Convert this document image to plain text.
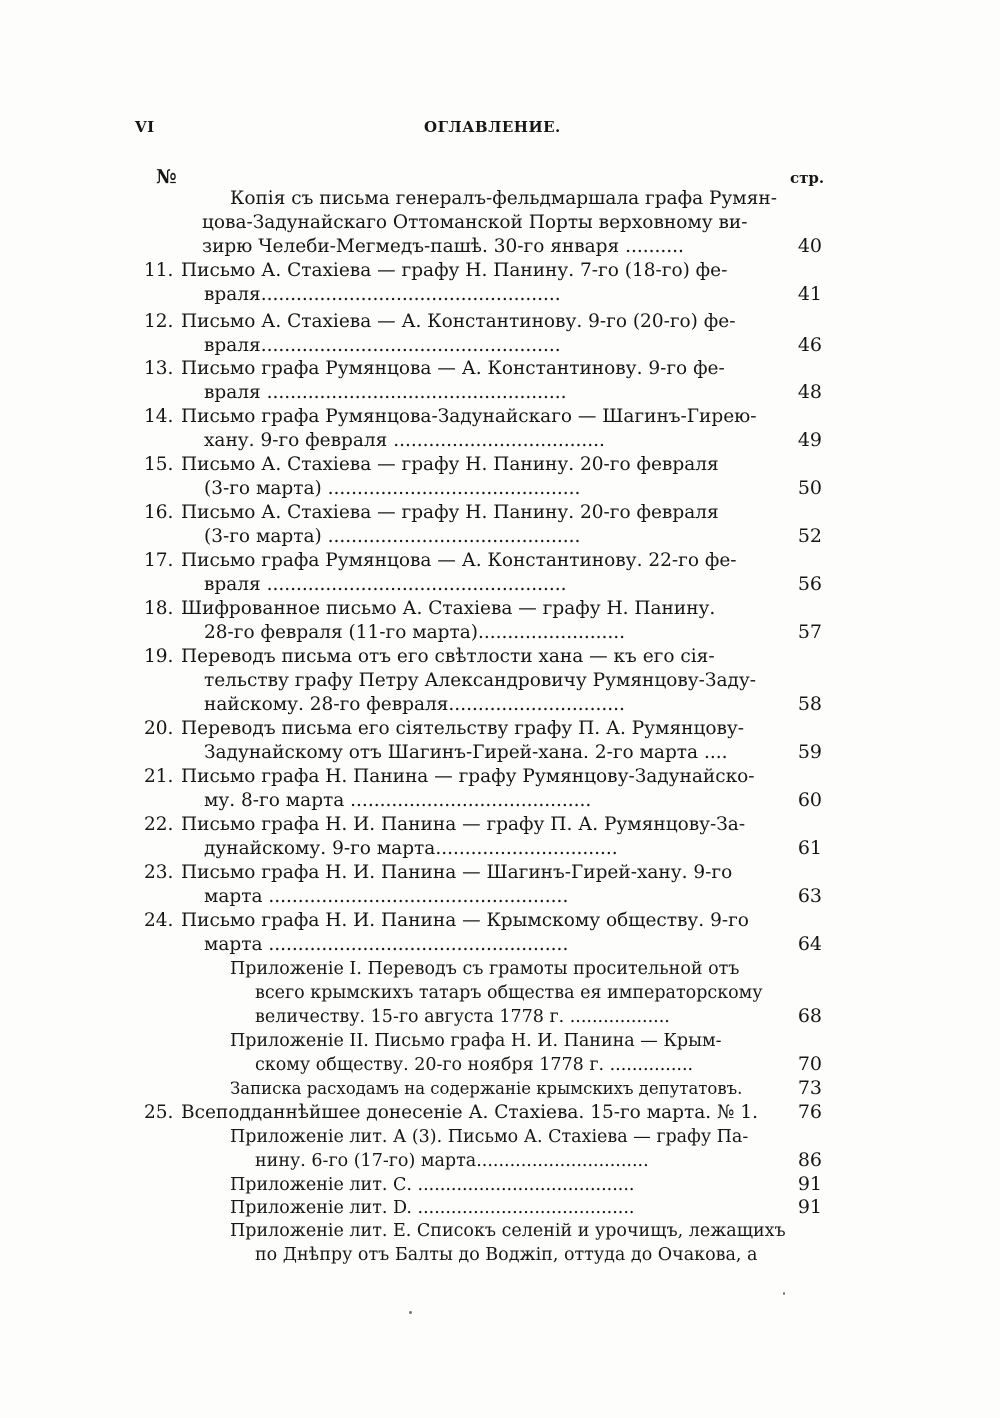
VI	ОГЛАВЛЕНИЕ.
№	стр.
Копія съ письма генералъ-фельдмаршала графа Румян-
цова-Задунайскаго Оттоманской Порты верховному ви-
зирю Челеби-Мегмедъ-пашѣ. 30-го января ..........	40
11. Письмо А. Стахіева — графу Н. Панину. 7-го (18-го) фе-
враля...................................................	41
12. Письмо А. Стахіева — А. Константинову. 9-го (20-го) фе-
враля...................................................	46
13. Письмо графа Румянцова — А. Константинову. 9-го фе-
враля ...................................................	48
14. Письмо графа Румянцова-Задунайскаго — Шагинъ-Гирею-
хану. 9-го февраля ....................................	49
15. Письмо А. Стахіева — графу Н. Панину. 20-го февраля
(3-го марта) ...........................................	50
16. Письмо А. Стахіева — графу Н. Панину. 20-го февраля
(3-го марта) ...........................................	52
17. Письмо графа Румянцова — А. Константинову. 22-го фе-
враля ...................................................	56
18. Шифрованное письмо А. Стахіева — графу Н. Панину.
28-го февраля (11-го марта).........................	57
19. Переводъ письма отъ его свѣтлости хана — къ его сія-
тельству графу Петру Александровичу Румянцову-Заду-
найскому. 28-го февраля..............................	58
20. Переводъ письма его сіятельству графу П. А. Румянцову-
Задунайскому отъ Шагинъ-Гирей-хана. 2-го марта ....	59
21. Письмо графа Н. Панина — графу Румянцову-Задунайско-
му. 8-го марта .........................................	60
22. Письмо графа Н. И. Панина — графу П. А. Румянцову-За-
дунайскому. 9-го марта...............................	61
23. Письмо графа Н. И. Панина — Шагинъ-Гирей-хану. 9-го
марта ...................................................	63
24. Письмо графа Н. И. Панина — Крымскому обществу. 9-го
марта ...................................................	64
Приложеніе I. Переводъ съ грамоты просительной отъ
всего крымскихъ татаръ общества ея императорскому
величеству. 15-го августа 1778 г. ..................	68
Приложеніе II. Письмо графа Н. И. Панина — Крым-
скому обществу. 20-го ноября 1778 г. ...............	70
Записка расходамъ на содержаніе крымскихъ депутатовъ.	73
25. Всеподданнѣйшее донесеніе А. Стахіева. 15-го марта. № 1. 76
Приложеніе лит. А (3). Письмо А. Стахіева — графу Па-
нину. 6-го (17-го) марта...............................	86
Приложеніе лит. С. .......................................	91
Приложеніе лит. D. .......................................	91
Приложеніе лит. E. Списокъ селеній и урочищъ, лежащихъ
по Днѣпру отъ Балты до Воджіп, оттуда до Очакова, а
